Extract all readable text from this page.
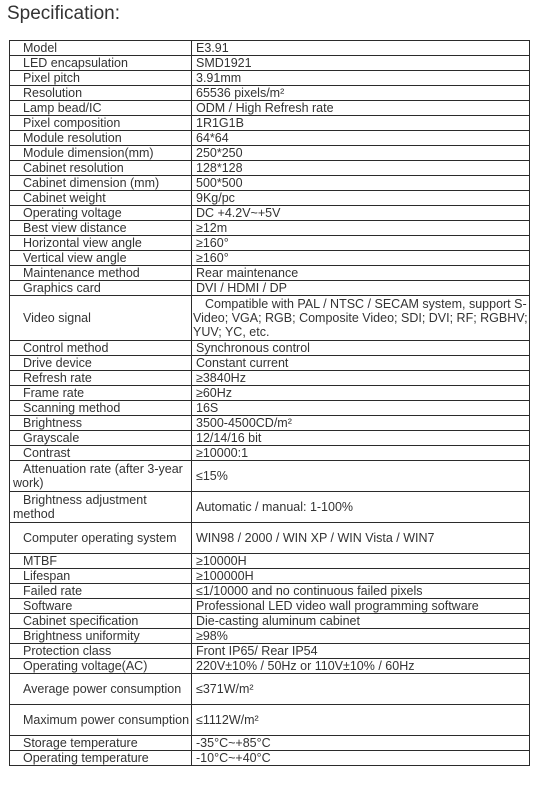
Specification:
Model	E3.91
LED encapsulation	SMD1921
Pixel pitch	3.91mm
Resolution	65536 pixels/m²
Lamp bead/IC	ODM / High Refresh rate
Pixel composition	1R1G1B
Module resolution	64*64
Module dimension(mm)	250*250
Cabinet resolution	128*128
Cabinet dimension (mm)	500*500
Cabinet weight	9Kg/pc
Operating voltage	DC +4.2V~+5V
Best view distance	≥12m
Horizontal view angle	≥160°
Vertical view angle	≥160°
Maintenance method	Rear maintenance
Graphics card	DVI / HDMI / DP
Video signal	Compatible with PAL / NTSC / SECAM system, support S-Video; VGA; RGB; Composite Video; SDI; DVI; RF; RGBHV; YUV; YC, etc.
Control method	Synchronous control
Drive device	Constant current
Refresh rate	≥3840Hz
Frame rate	≥60Hz
Scanning method	16S
Brightness	3500-4500CD/m²
Grayscale	12/14/16 bit
Contrast	≥10000:1
Attenuation rate (after 3-year work)	≤15%
Brightness adjustment method	Automatic / manual: 1-100%
Computer operating system	WIN98 / 2000 / WIN XP / WIN Vista / WIN7
MTBF	≥10000H
Lifespan	≥100000H
Failed rate	≤1/10000 and no continuous failed pixels
Software	Professional LED video wall programming software
Cabinet specification	Die-casting aluminum cabinet
Brightness uniformity	≥98%
Protection class	Front IP65/ Rear IP54
Operating voltage(AC)	220V±10% / 50Hz or 110V±10% / 60Hz
Average power consumption	≤371W/m²
Maximum power consumption	≤1112W/m²
Storage temperature	-35°C~+85°C
Operating temperature	-10°C~+40°C
